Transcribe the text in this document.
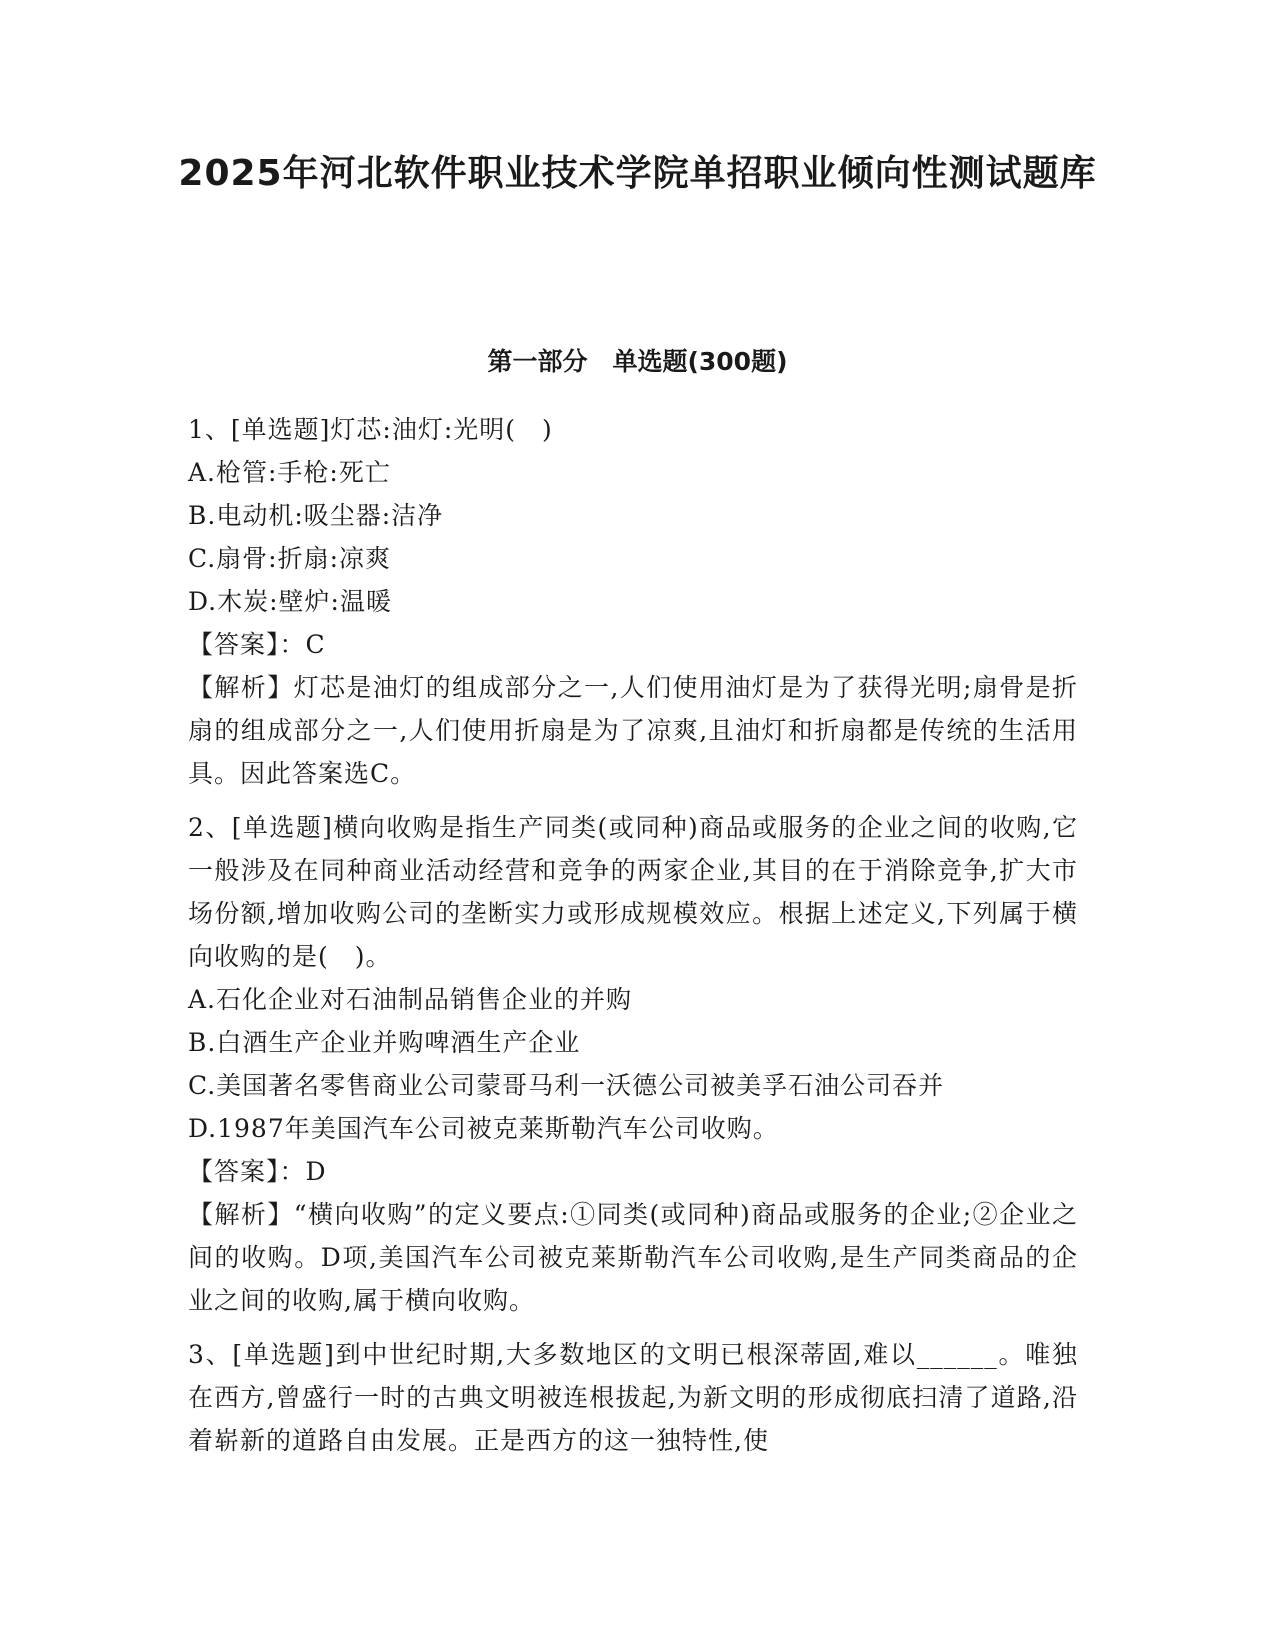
2025年河北软件职业技术学院单招职业倾向性测试题库
第一部分　单选题(300题)

1、[单选题]灯芯:油灯:光明(　)

A.枪管:手枪:死亡

B.电动机:吸尘器:洁净

C.扇骨:折扇:凉爽

D.木炭:壁炉:温暖

【答案】：C

【解析】灯芯是油灯的组成部分之一,人们使用油灯是为了获得光明;扇骨是折扇的组成部分之一,人们使用折扇是为了凉爽,且油灯和折扇都是传统的生活用具。因此答案选C。

2、[单选题]横向收购是指生产同类(或同种)商品或服务的企业之间的收购,它一般涉及在同种商业活动经营和竞争的两家企业,其目的在于消除竞争,扩大市场份额,增加收购公司的垄断实力或形成规模效应。根据上述定义,下列属于横向收购的是(　)。

A.石化企业对石油制品销售企业的并购

B.白酒生产企业并购啤酒生产企业

C.美国著名零售商业公司蒙哥马利一沃德公司被美孚石油公司吞并

D.1987年美国汽车公司被克莱斯勒汽车公司收购。

【答案】：D

【解析】“横向收购”的定义要点:①同类(或同种)商品或服务的企业;②企业之间的收购。D项,美国汽车公司被克莱斯勒汽车公司收购,是生产同类商品的企业之间的收购,属于横向收购。

3、[单选题]到中世纪时期,大多数地区的文明已根深蒂固,难以______。唯独在西方,曾盛行一时的古典文明被连根拔起,为新文明的形成彻底扫清了道路,沿着崭新的道路自由发展。正是西方的这一独特性,使
